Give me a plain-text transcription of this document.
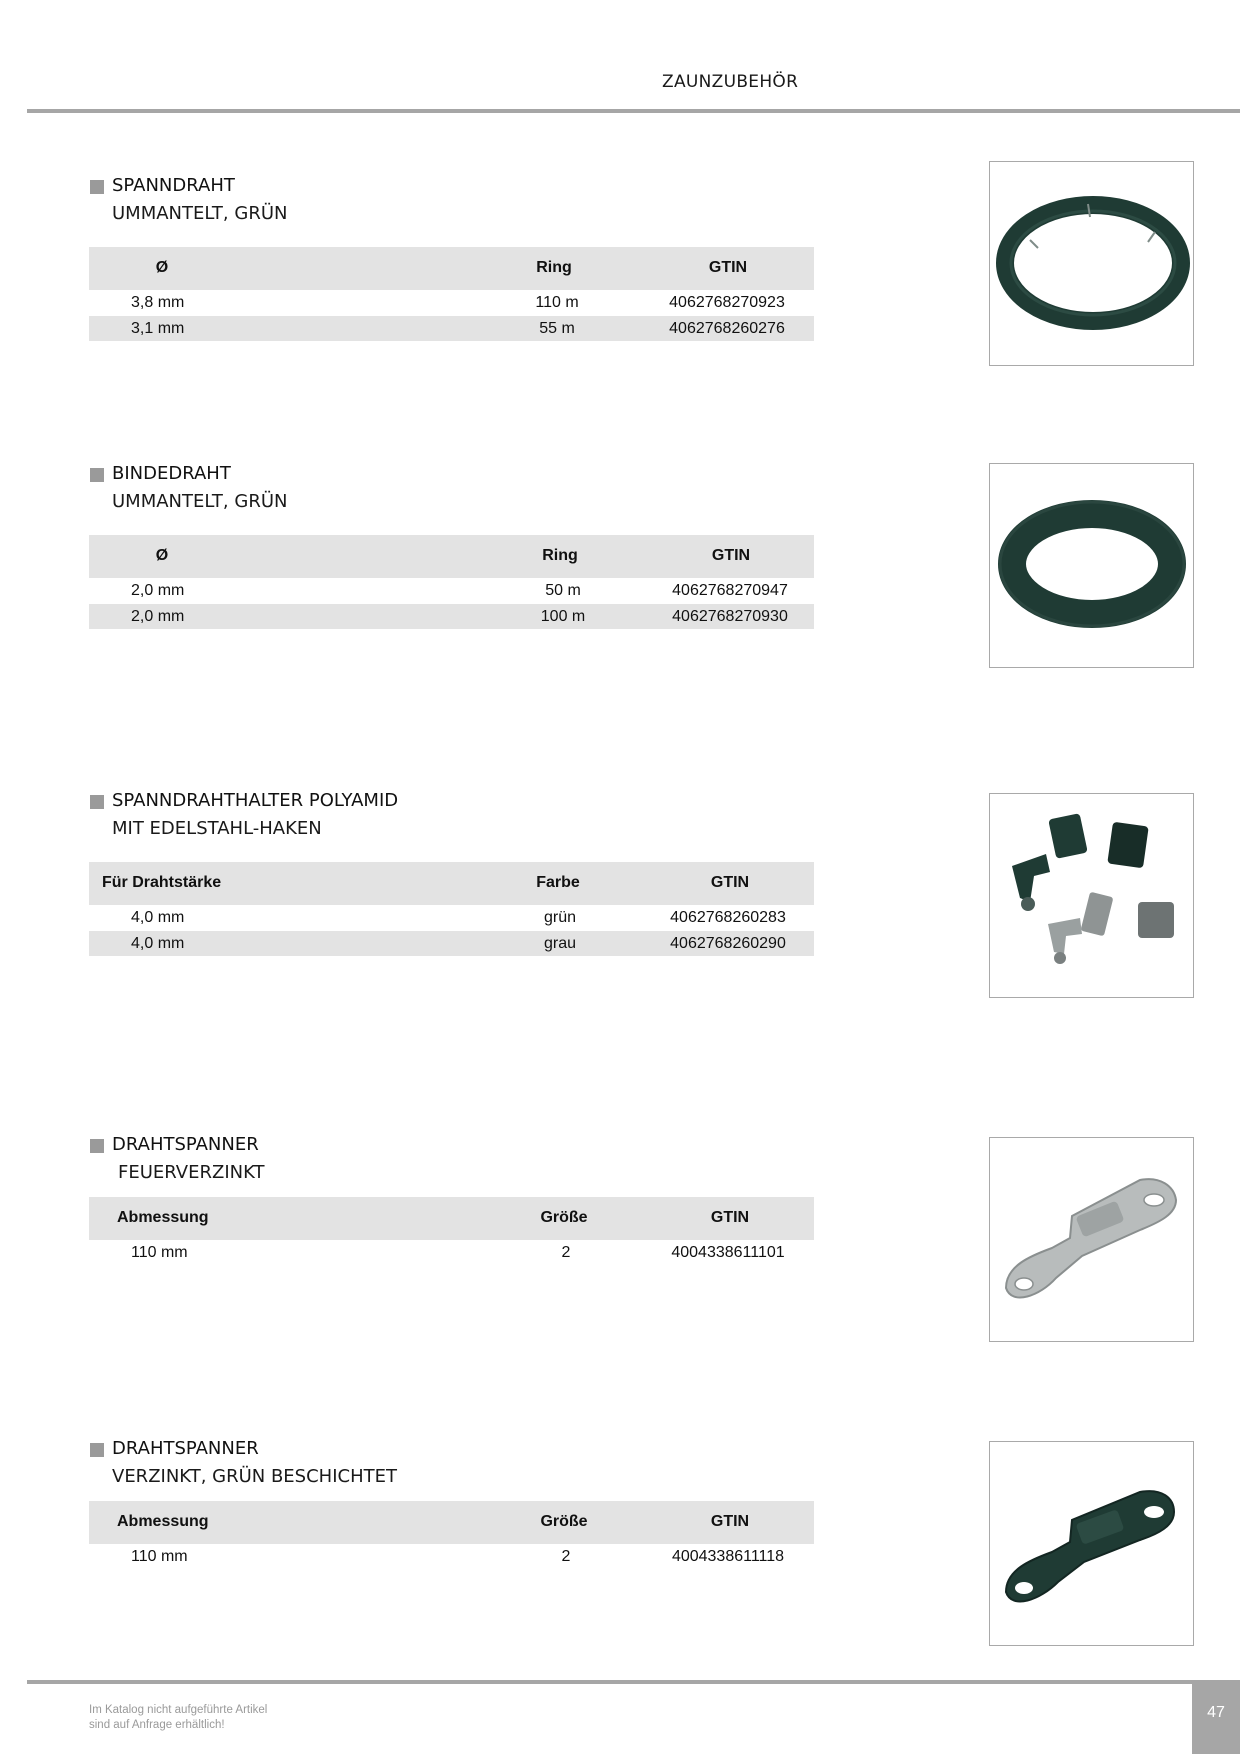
ZAUNZUBEHÖR
SPANNDRAHT
UMMANTELT, GRÜN
Ø	Ring	GTIN
3,8 mm	110 m	4062768270923
3,1 mm	55 m	4062768260276
BINDEDRAHT
UMMANTELT, GRÜN
Ø	Ring	GTIN
2,0 mm	50 m	4062768270947
2,0 mm	100 m	4062768270930
SPANNDRAHTHALTER POLYAMID
MIT EDELSTAHL-HAKEN
Für Drahtstärke	Farbe	GTIN
4,0 mm	grün	4062768260283
4,0 mm	grau	4062768260290
DRAHTSPANNER
FEUERVERZINKT
Abmessung	Größe	GTIN
110 mm	2	4004338611101
DRAHTSPANNER
VERZINKT, GRÜN BESCHICHTET
Abmessung	Größe	GTIN
110 mm	2	4004338611118
Im Katalog nicht aufgeführte Artikel
sind auf Anfrage erhältlich!
47
